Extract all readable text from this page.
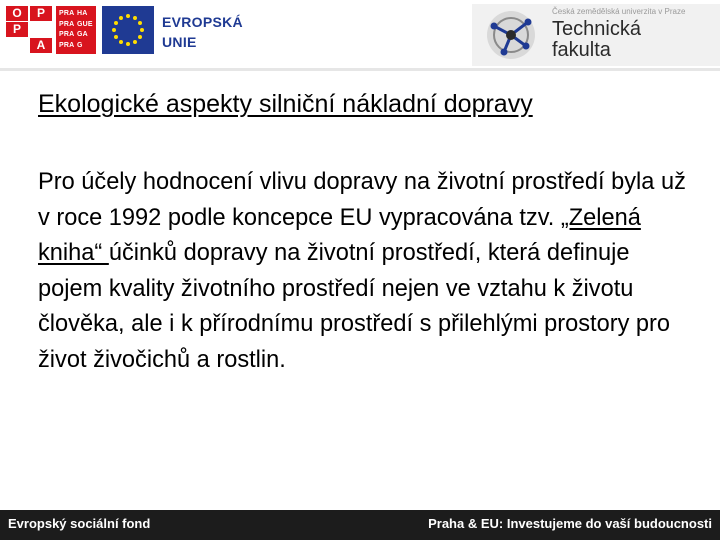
O	P
P
A
PRA
PRA
PRA
PRA
HA
GUE
GA
G
EVROPSKÁ
UNIE
Česká zemědělská univerzita v Praze
Technická
fakulta
Ekologické aspekty silniční nákladní dopravy

Pro účely hodnocení vlivu dopravy na životní prostředí byla už v roce 1992 podle koncepce EU vypracována tzv. „Zelená kniha“ účinků dopravy na životní prostředí, která definuje pojem kvality životního prostředí nejen ve vztahu k životu člověka, ale i k přírodnímu prostředí s přilehlými prostory pro život živočichů a rostlin.

Evropský sociální fond	Praha & EU: Investujeme do vaší budoucnosti
